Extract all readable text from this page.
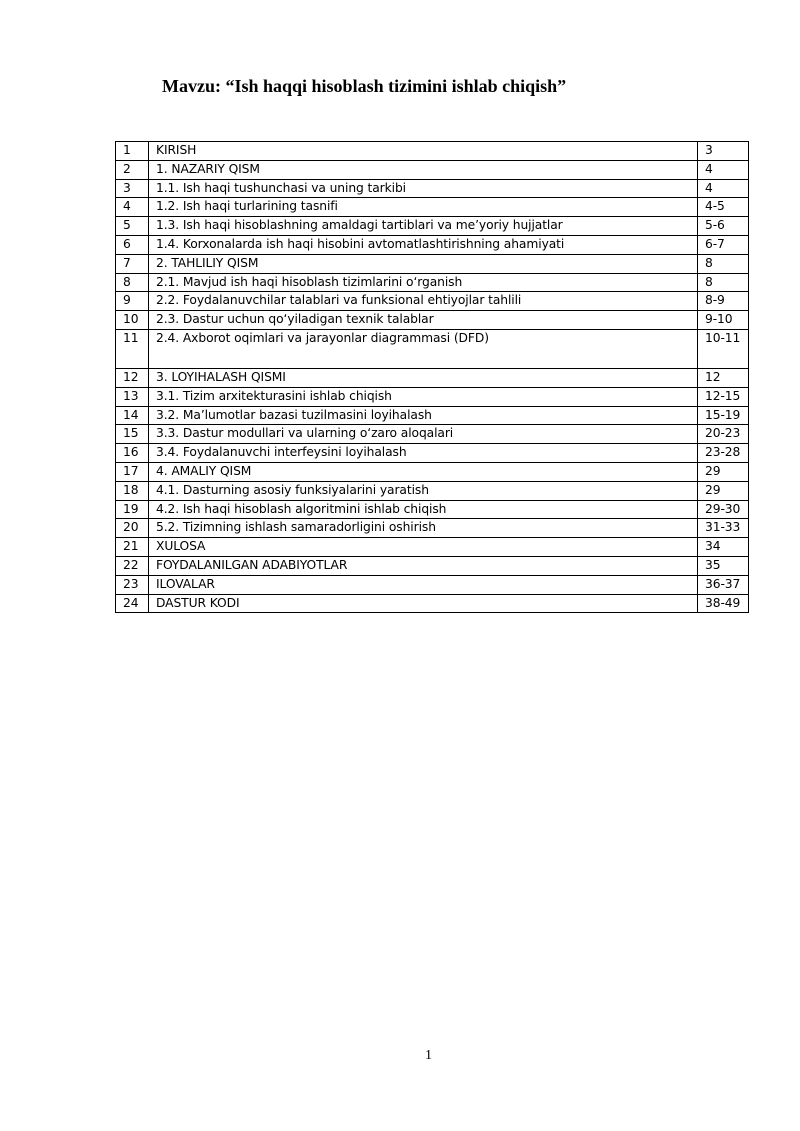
Mavzu: “Ish haqqi hisoblash tizimini ishlab chiqish”
1	KIRISH	3
2	1. NAZARIY QISM	4
3	1.1. Ish haqi tushunchasi va uning tarkibi	4
4	1.2. Ish haqi turlarining tasnifi	4-5
5	1.3. Ish haqi hisoblashning amaldagi tartiblari va me’yoriy hujjatlar	5-6
6	1.4. Korxonalarda ish haqi hisobini avtomatlashtirishning ahamiyati	6-7
7	2. TAHLILIY QISM	8
8	2.1. Mavjud ish haqi hisoblash tizimlarini o‘rganish	8
9	2.2. Foydalanuvchilar talablari va funksional ehtiyojlar tahlili	8-9
10	2.3. Dastur uchun qo‘yiladigan texnik talablar	9-10
11	2.4. Axborot oqimlari va jarayonlar diagrammasi (DFD)	10-11
12	3. LOYIHALASH QISMI	12
13	3.1. Tizim arxitekturasini ishlab chiqish	12-15
14	3.2. Ma’lumotlar bazasi tuzilmasini loyihalash	15-19
15	3.3. Dastur modullari va ularning o‘zaro aloqalari	20-23
16	3.4. Foydalanuvchi interfeysini loyihalash	23-28
17	4. AMALIY QISM	29
18	4.1. Dasturning asosiy funksiyalarini yaratish	29
19	4.2. Ish haqi hisoblash algoritmini ishlab chiqish	29-30
20	5.2. Tizimning ishlash samaradorligini oshirish	31-33
21	XULOSA	34
22	FOYDALANILGAN ADABIYOTLAR	35
23	ILOVALAR	36-37
24	DASTUR KODI	38-49
1
